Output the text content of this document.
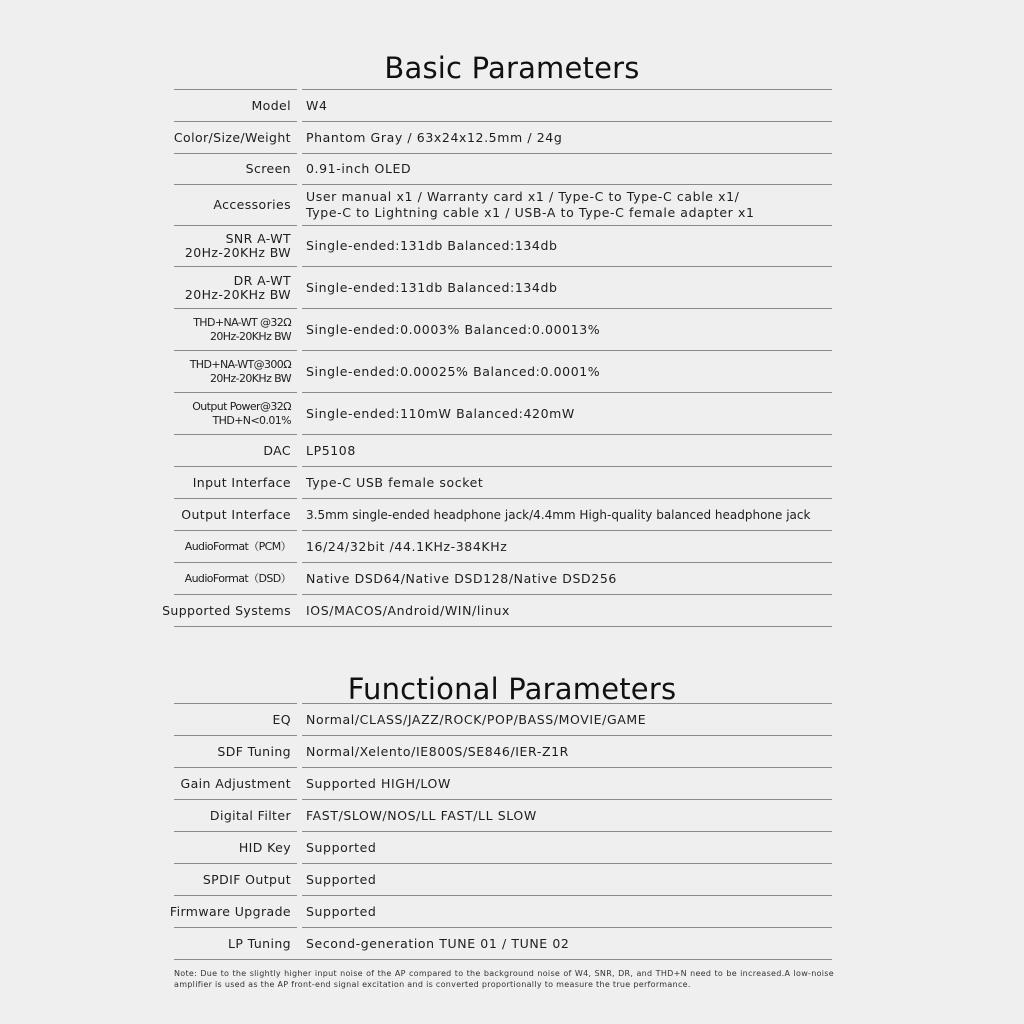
Basic Parameters
Model W4
Color/Size/Weight Phantom Gray / 63x24x12.5mm / 24g
Screen 0.91-inch OLED
Accessories
User manual x1 / Warranty card x1 / Type-C to Type-C cable x1/
Type-C to Lightning cable x1 / USB-A to Type-C female adapter x1
SNR A-WT
20Hz-20KHz BW Single-ended:131db Balanced:134db
DR A-WT
20Hz-20KHz BW Single-ended:131db Balanced:134db
THD+NA-WT @32Ω
20Hz-20KHz BW Single-ended:0.0003% Balanced:0.00013%
THD+NA-WT@300Ω
20Hz-20KHz BW Single-ended:0.00025% Balanced:0.0001%
Output Power@32Ω
THD+N<0.01% Single-ended:110mW Balanced:420mW
DAC LP5108
Input Interface Type-C USB female socket
Output Interface 3.5mm single-ended headphone jack/4.4mm High-quality balanced headphone jack
AudioFormat（PCM） 16/24/32bit /44.1KHz-384KHz
AudioFormat（DSD） Native DSD64/Native DSD128/Native DSD256
Supported Systems IOS/MACOS/Android/WIN/linux
Functional Parameters
EQ Normal/CLASS/JAZZ/ROCK/POP/BASS/MOVIE/GAME
SDF Tuning Normal/Xelento/IE800S/SE846/IER-Z1R
Gain Adjustment Supported HIGH/LOW
Digital Filter FAST/SLOW/NOS/LL FAST/LL SLOW
HID Key Supported
SPDIF Output Supported
Firmware Upgrade Supported
LP Tuning Second-generation TUNE 01 / TUNE 02
Note: Due to the slightly higher input noise of the AP compared to the background noise of W4, SNR, DR, and THD+N need to be increased.A low-noise amplifier is used as the AP front-end signal excitation and is converted proportionally to measure the true performance.
